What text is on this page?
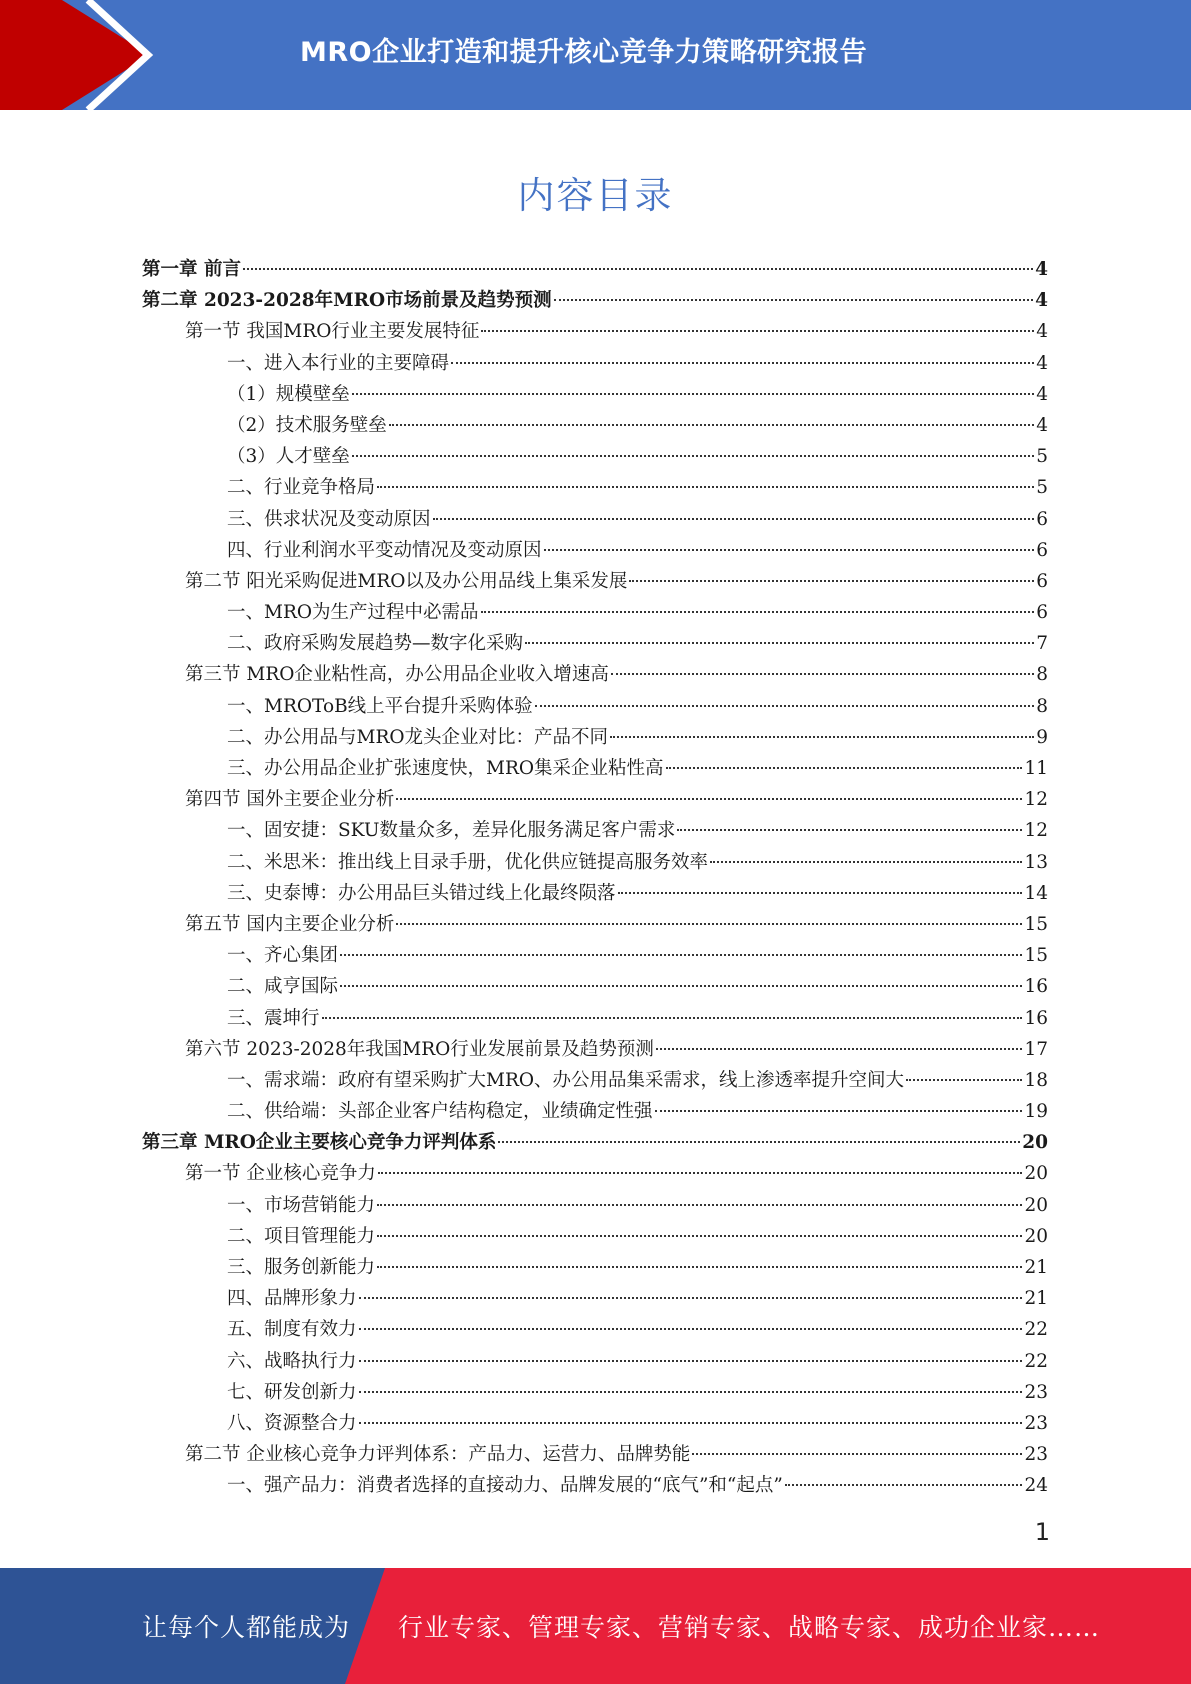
MRO企业打造和提升核心竞争力策略研究报告
内容目录
第一章 前言	4
第二章 2023-2028年MRO市场前景及趋势预测	4
第一节 我国MRO行业主要发展特征	4
一、进入本行业的主要障碍	4
（1）规模壁垒	4
（2）技术服务壁垒	4
（3）人才壁垒	5
二、行业竞争格局	5
三、供求状况及变动原因	6
四、行业利润水平变动情况及变动原因	6
第二节 阳光采购促进MRO以及办公用品线上集采发展	6
一、MRO为生产过程中必需品	6
二、政府采购发展趋势—数字化采购	7
第三节 MRO企业粘性高，办公用品企业收入增速高	8
一、MROToB线上平台提升采购体验	8
二、办公用品与MRO龙头企业对比：产品不同	9
三、办公用品企业扩张速度快，MRO集采企业粘性高	11
第四节 国外主要企业分析	12
一、固安捷：SKU数量众多，差异化服务满足客户需求	12
二、米思米：推出线上目录手册，优化供应链提高服务效率	13
三、史泰博：办公用品巨头错过线上化最终陨落	14
第五节 国内主要企业分析	15
一、齐心集团	15
二、咸亨国际	16
三、震坤行	16
第六节 2023-2028年我国MRO行业发展前景及趋势预测	17
一、需求端：政府有望采购扩大MRO、办公用品集采需求，线上渗透率提升空间大	18
二、供给端：头部企业客户结构稳定，业绩确定性强	19
第三章 MRO企业主要核心竞争力评判体系	20
第一节 企业核心竞争力	20
一、市场营销能力	20
二、项目管理能力	20
三、服务创新能力	21
四、品牌形象力	21
五、制度有效力	22
六、战略执行力	22
七、研发创新力	23
八、资源整合力	23
第二节 企业核心竞争力评判体系：产品力、运营力、品牌势能	23
一、强产品力：消费者选择的直接动力、品牌发展的“底气”和“起点”	24
1
让每个人都能成为 行业专家、管理专家、营销专家、战略专家、成功企业家……
